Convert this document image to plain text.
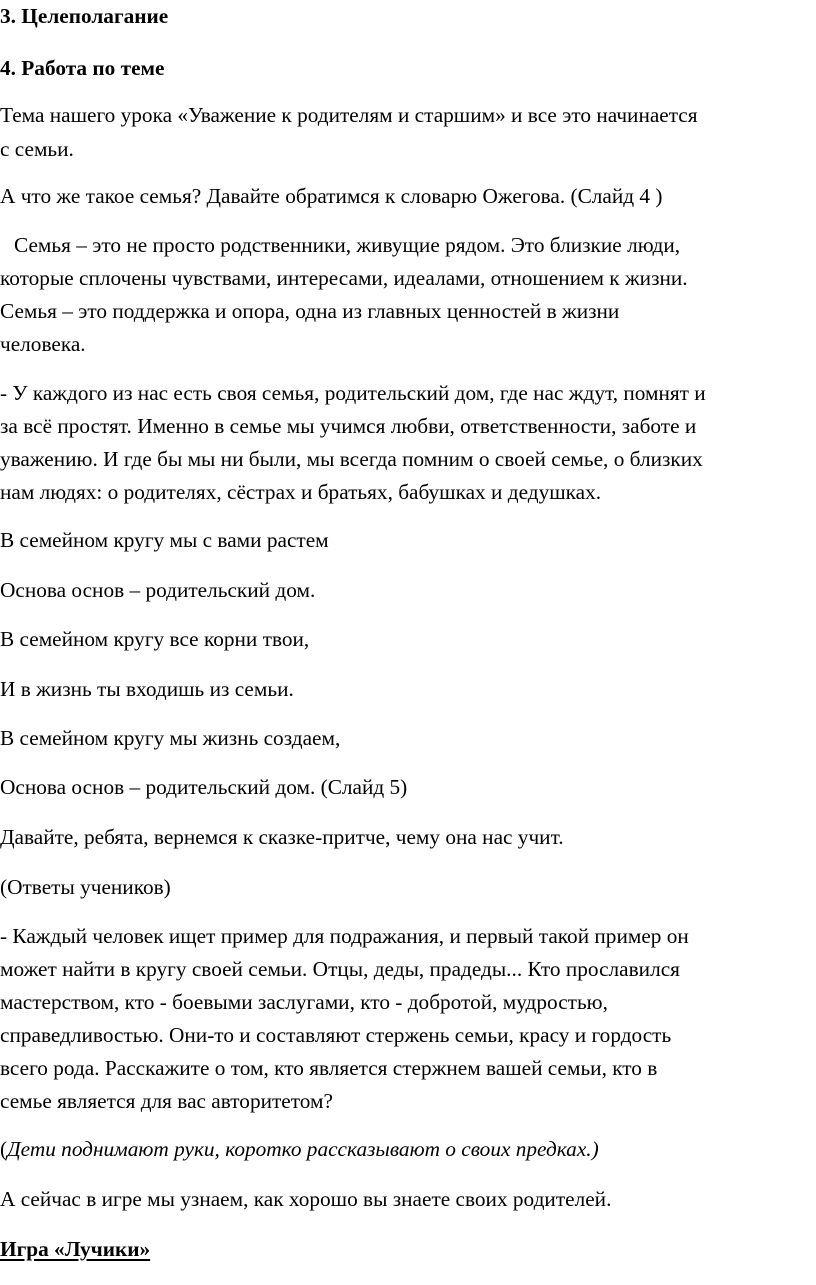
3. Целеполагание
4. Работа по теме
Тема нашего урока «Уважение к родителям и старшим» и все это начинается
с семьи.
А что же такое семья? Давайте обратимся к словарю Ожегова. (Слайд 4 )
Семья – это не просто родственники, живущие рядом. Это близкие люди,
которые сплочены чувствами, интересами, идеалами, отношением к жизни.
Семья – это поддержка и опора, одна из главных ценностей в жизни
человека.
- У каждого из нас есть своя семья, родительский дом, где нас ждут, помнят и
за всё простят. Именно в семье мы учимся любви, ответственности, заботе и
уважению. И где бы мы ни были, мы всегда помним о своей семье, о близких
нам людях: о родителях, сёстрах и братьях, бабушках и дедушках.
В семейном кругу мы с вами растем
Основа основ – родительский дом.
В семейном кругу все корни твои,
И в жизнь ты входишь из семьи.
В семейном кругу мы жизнь создаем,
Основа основ – родительский дом. (Слайд 5)
Давайте, ребята, вернемся к сказке-притче, чему она нас учит.
(Ответы учеников)
- Каждый человек ищет пример для подражания, и первый такой пример он
может найти в кругу своей семьи. Отцы, деды, прадеды... Кто прославился
мастерством, кто - боевыми заслугами, кто - добротой, мудростью,
справедливостью. Они-то и составляют стержень семьи, красу и гордость
всего рода. Расскажите о том, кто является стержнем вашей семьи, кто в
семье является для вас авторитетом?
(Дети поднимают руки, коротко рассказывают о своих предках.)
А сейчас в игре мы узнаем, как хорошо вы знаете своих родителей.
Игра «Лучики»
